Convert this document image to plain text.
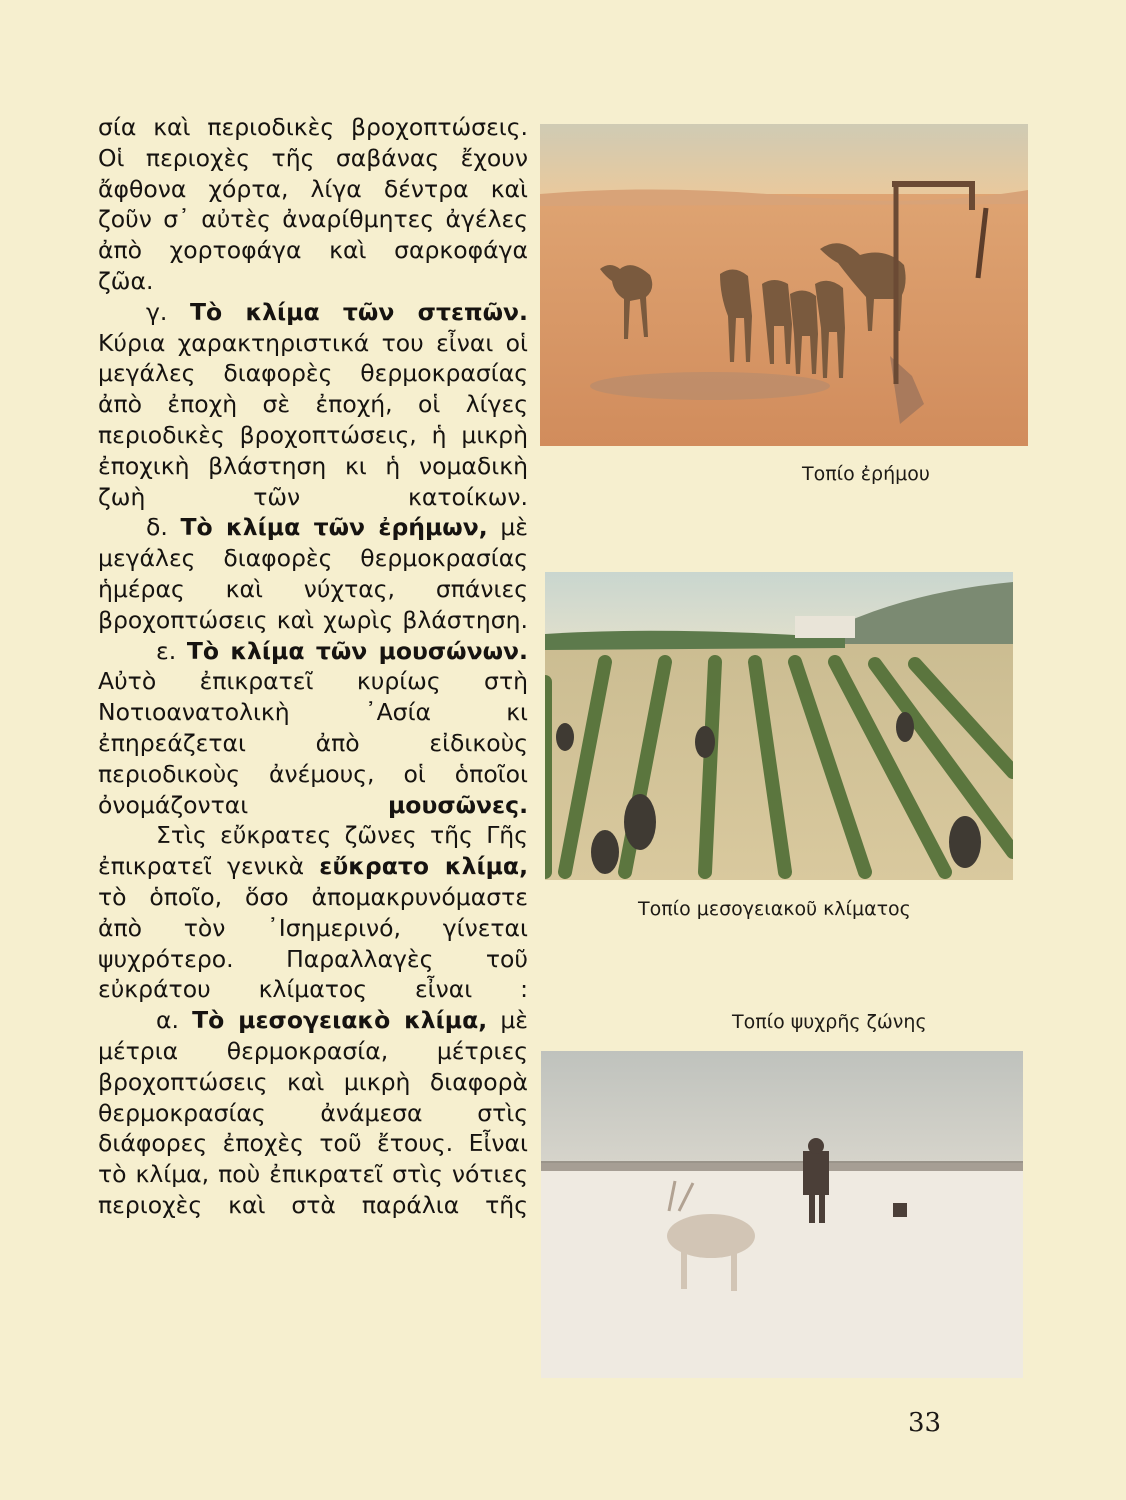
σία καὶ περιοδικὲς βροχοπτώσεις. Οἱ περιοχὲς τῆς σαβάνας ἔχουν ἄφθονα χόρτα, λίγα δέντρα καὶ ζοῦν σ᾽ αὐτὲς ἀναρίθμητες ἀγέλες ἀπὸ χορτοφάγα καὶ σαρκοφάγα ζῶα.

γ. Τὸ κλίμα τῶν στεπῶν. Κύρια χαρακτηριστικά του εἶναι οἱ μεγάλες διαφορὲς θερμοκρασίας ἀπὸ ἐποχὴ σὲ ἐποχή, οἱ λίγες περιοδικὲς βροχοπτώσεις, ἡ μικρὴ ἐποχικὴ βλάστηση κι ἡ νομαδικὴ ζωὴ τῶν κατοίκων.

δ. Τὸ κλίμα τῶν ἐρήμων, μὲ μεγάλες διαφορὲς θερμοκρασίας ἡμέρας καὶ νύχτας, σπάνιες βροχοπτώσεις καὶ χωρὶς βλάστηση.

ε. Τὸ κλίμα τῶν μουσώνων. Αὐτὸ ἐπικρατεῖ κυρίως στὴ Νοτιοανατολικὴ ᾿Ασία κι ἐπηρεάζεται ἀπὸ εἰδικοὺς περιοδικοὺς ἀνέμους, οἱ ὁποῖοι ὀνομάζονται	μουσῶνες.

Στὶς εὔκρατες ζῶνες τῆς Γῆς ἐπικρατεῖ γενικὰ εὔκρατο κλίμα, τὸ ὁποῖο, ὅσο ἀπομακρυνόμαστε ἀπὸ τὸν ᾿Ισημερινό, γίνεται ψυχρότερο. Παραλλαγὲς τοῦ εὐκράτου κλίματος εἶναι :

α. Τὸ μεσογειακὸ κλίμα, μὲ μέτρια θερμοκρασία, μέτριες βροχοπτώσεις καὶ μικρὴ διαφορὰ θερμοκρασίας ἀνάμεσα στὶς διάφορες ἐποχὲς τοῦ ἔτους. Εἶναι τὸ κλίμα, ποὺ ἐπικρατεῖ στὶς νότιες περιοχὲς καὶ στὰ παράλια τῆς

Τοπίο ἐρήμου
Τοπίο μεσογειακοῦ κλίματος
Τοπίο ψυχρῆς ζώνης
33
